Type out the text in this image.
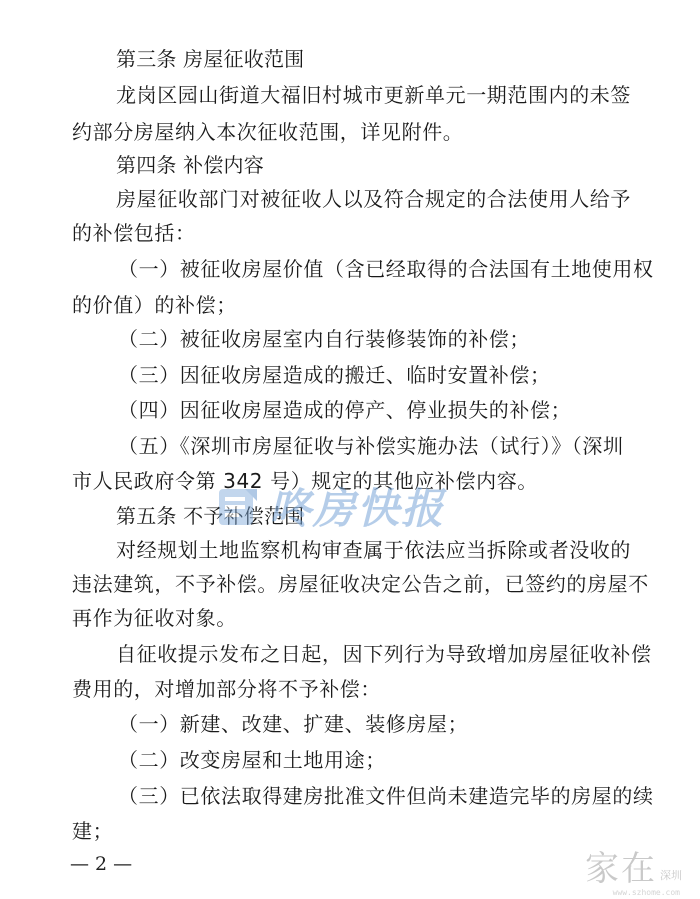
第三条 房屋征收范围
龙岗区园山街道大福旧村城市更新单元一期范围内的未签
约部分房屋纳入本次征收范围，详见附件。
第四条 补偿内容
房屋征收部门对被征收人以及符合规定的合法使用人给予
的补偿包括：
（一）被征收房屋价值（含已经取得的合法国有土地使用权
的价值）的补偿；
（二）被征收房屋室内自行装修装饰的补偿；
（三）因征收房屋造成的搬迁、临时安置补偿；
（四）因征收房屋造成的停产、停业损失的补偿；
（五）《深圳市房屋征收与补偿实施办法（试行）》（深圳
市人民政府令第 342 号）规定的其他应补偿内容。
第五条 不予补偿范围
对经规划土地监察机构审查属于依法应当拆除或者没收的
违法建筑，不予补偿。房屋征收决定公告之前，已签约的房屋不
再作为征收对象。
自征收提示发布之日起，因下列行为导致增加房屋征收补偿
费用的，对增加部分将不予补偿：
（一）新建、改建、扩建、装修房屋；
（二）改变房屋和土地用途；
（三）已依法取得建房批准文件但尚未建造完毕的房屋的续
建；
— 2 —
咚房快报
家在 深圳
www.szhome.com
